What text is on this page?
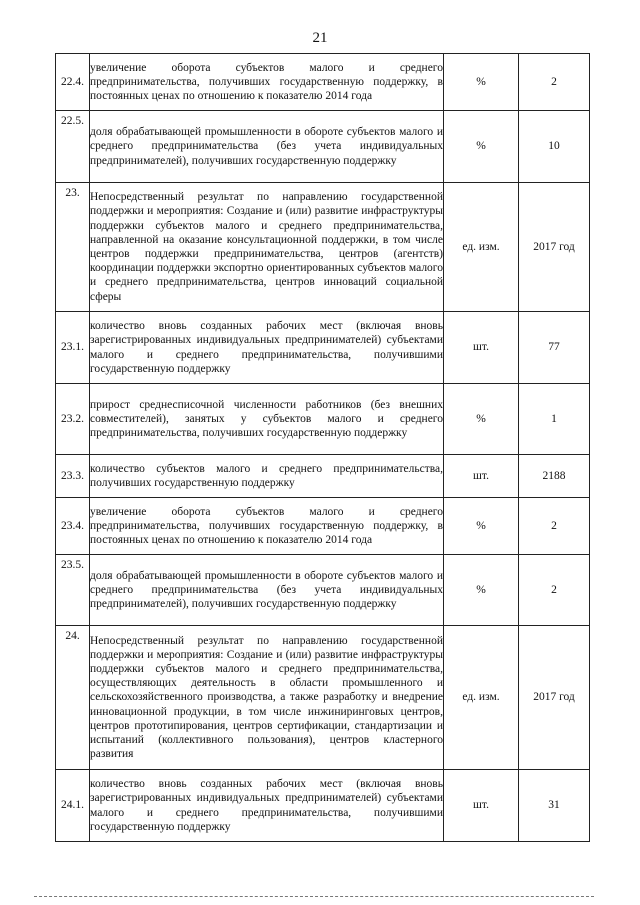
21
22.4.	увеличение оборота субъектов малого и среднего предпринимательства, получивших государственную поддержку, в постоянных ценах по отношению к показателю 2014 года	%	2
22.5.	доля обрабатывающей промышленности в обороте субъектов малого и среднего предпринимательства (без учета индивидуальных предпринимателей), получивших государственную поддержку	%	10
23.	Непосредственный результат по направлению государственной поддержки и мероприятия: Создание и (или) развитие инфраструктуры поддержки субъектов малого и среднего предпринимательства, направленной на оказание консультационной поддержки, в том числе центров поддержки предпринимательства, центров (агентств) координации поддержки экспортно ориентированных субъектов малого и среднего предпринимательства, центров инноваций социальной сферы	ед. изм.	2017 год
23.1.	количество вновь созданных рабочих мест (включая вновь зарегистрированных индивидуальных предпринимателей) субъектами малого и среднего предпринимательства, получившими государственную поддержку	шт.	77
23.2.	прирост среднесписочной численности работников (без внешних совместителей), занятых у субъектов малого и среднего предпринимательства, получивших государственную поддержку	%	1
23.3.	количество субъектов малого и среднего предпринимательства, получивших государственную поддержку	шт.	2188
23.4.	увеличение оборота субъектов малого и среднего предпринимательства, получивших государственную поддержку, в постоянных ценах по отношению к показателю 2014 года	%	2
23.5.	доля обрабатывающей промышленности в обороте субъектов малого и среднего предпринимательства (без учета индивидуальных предпринимателей), получивших государственную поддержку	%	2
24.	Непосредственный результат по направлению государственной поддержки и мероприятия: Создание и (или) развитие инфраструктуры поддержки субъектов малого и среднего предпринимательства, осуществляющих деятельность в области промышленного и сельскохозяйственного производства, а также разработку и внедрение инновационной продукции, в том числе инжиниринговых центров, центров прототипирования, центров сертификации, стандартизации и испытаний (коллективного пользования), центров кластерного развития	ед. изм.	2017 год
24.1.	количество вновь созданных рабочих мест (включая вновь зарегистрированных индивидуальных предпринимателей) субъектами малого и среднего предпринимательства, получившими государственную поддержку	шт.	31
